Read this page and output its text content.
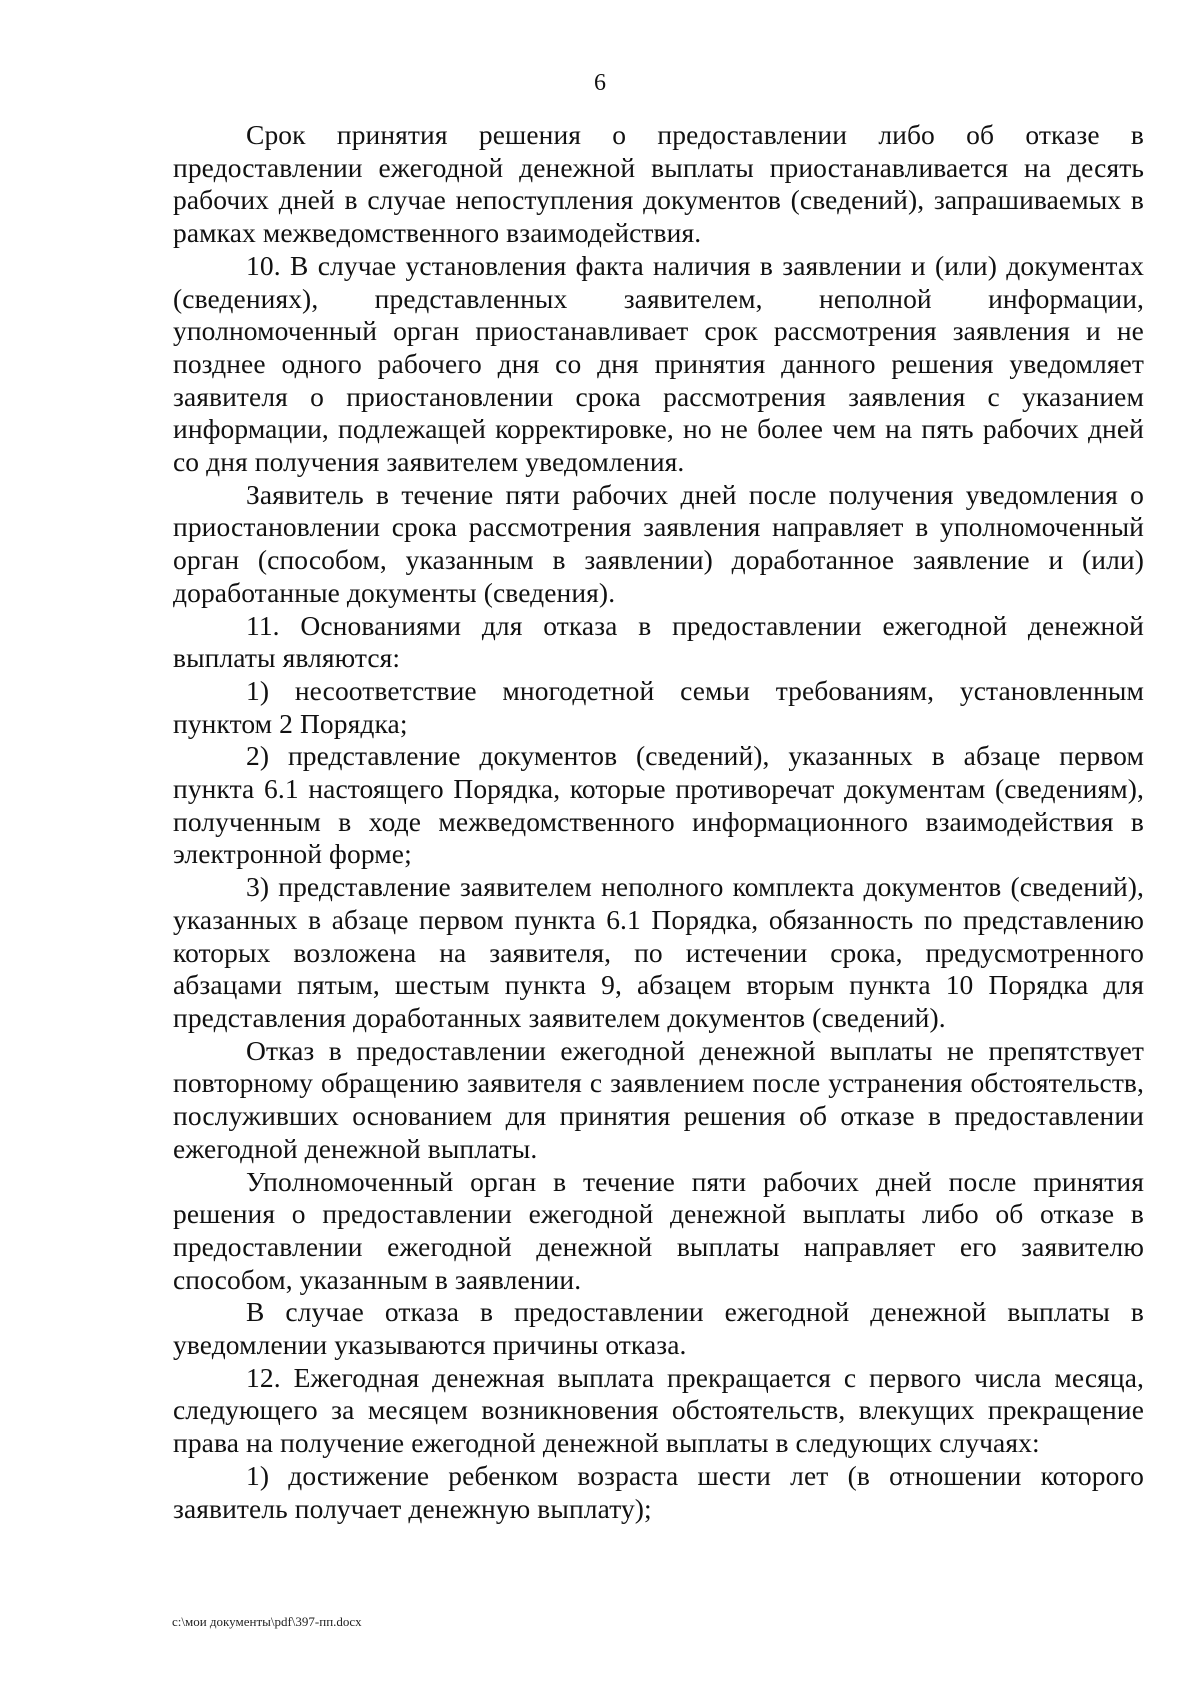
6

Срок принятия решения о предоставлении либо об отказе в предоставлении ежегодной денежной выплаты приостанавливается на десять рабочих дней в случае непоступления документов (сведений), запрашиваемых в рамках межведомственного взаимодействия.

10. В случае установления факта наличия в заявлении и (или) документах (сведениях), представленных заявителем, неполной информации, уполномоченный орган приостанавливает срок рассмотрения заявления и не позднее одного рабочего дня со дня принятия данного решения уведомляет заявителя о приостановлении срока рассмотрения заявления с указанием информации, подлежащей корректировке, но не более чем на пять рабочих дней со дня получения заявителем уведомления.

Заявитель в течение пяти рабочих дней после получения уведомления о приостановлении срока рассмотрения заявления направляет в уполномоченный орган (способом, указанным в заявлении) доработанное заявление и (или) доработанные документы (сведения).

11. Основаниями для отказа в предоставлении ежегодной денежной выплаты являются:

1) несоответствие многодетной семьи требованиям, установленным пунктом 2 Порядка;

2) представление документов (сведений), указанных в абзаце первом пункта 6.1 настоящего Порядка, которые противоречат документам (сведениям), полученным в ходе межведомственного информационного взаимодействия в электронной форме;

3) представление заявителем неполного комплекта документов (сведений), указанных в абзаце первом пункта 6.1 Порядка, обязанность по представлению которых возложена на заявителя, по истечении срока, предусмотренного абзацами пятым, шестым пункта 9, абзацем вторым пункта 10 Порядка для представления доработанных заявителем документов (сведений).

Отказ в предоставлении ежегодной денежной выплаты не препятствует повторному обращению заявителя с заявлением после устранения обстоятельств, послуживших основанием для принятия решения об отказе в предоставлении ежегодной денежной выплаты.

Уполномоченный орган в течение пяти рабочих дней после принятия решения о предоставлении ежегодной денежной выплаты либо об отказе в предоставлении ежегодной денежной выплаты направляет его заявителю способом, указанным в заявлении.

В случае отказа в предоставлении ежегодной денежной выплаты в уведомлении указываются причины отказа.

12. Ежегодная денежная выплата прекращается с первого числа месяца, следующего за месяцем возникновения обстоятельств, влекущих прекращение права на получение ежегодной денежной выплаты в следующих случаях:

1) достижение ребенком возраста шести лет (в отношении которого заявитель получает денежную выплату);

c:\мои документы\pdf\397-пп.docx
